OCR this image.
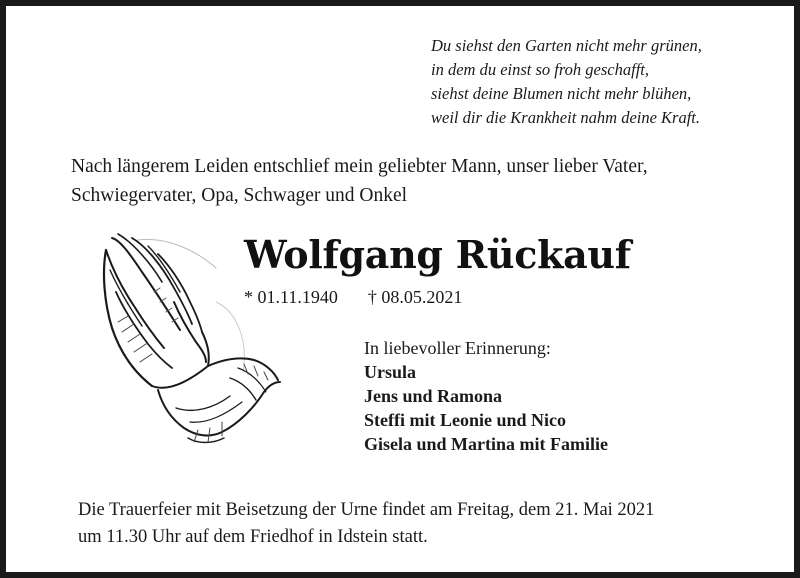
Du siehst den Garten nicht mehr grünen,
in dem du einst so froh geschafft,
siehst deine Blumen nicht mehr blühen,
weil dir die Krankheit nahm deine Kraft.
Nach längerem Leiden entschlief mein geliebter Mann, unser lieber Vater,
Schwiegervater, Opa, Schwager und Onkel
Wolfgang Rückauf
* 01.11.1940 † 08.05.2021
In liebevoller Erinnerung:
Ursula
Jens und Ramona
Steffi mit Leonie und Nico
Gisela und Martina mit Familie
Die Trauerfeier mit Beisetzung der Urne findet am Freitag, dem 21. Mai 2021
um 11.30 Uhr auf dem Friedhof in Idstein statt.
